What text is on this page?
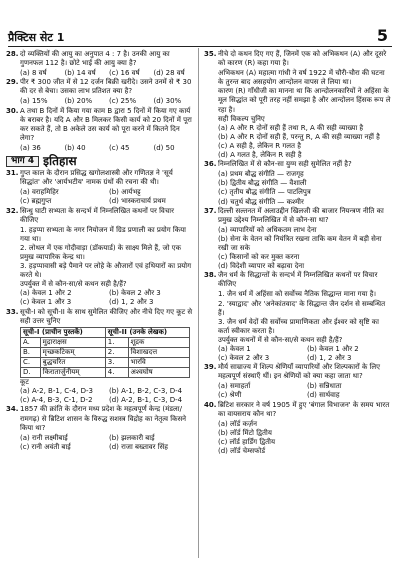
प्रैक्टिस सेट 1	5
28. दो व्यक्तियों की आयु का अनुपात 4 : 7 है। उनकी आयु का गुणनफल 112 है। छोटे भाई की आयु क्या है?
(a) 8 वर्ष	(b) 14 वर्ष	(c) 16 वर्ष	(d) 28 वर्ष
29. पीर ₹ 300 जीत में से 12 दर्जन बिक्री खरीदे। उसने उनमें से ₹ 30 की दर से बेचा। उसका लाभ प्रतिशत क्या है?
(a) 15%	(b) 20%	(c) 25%	(d) 30%
30. A तथा B दिनों में किया गया काम B द्वारा 5 दिनों में किया गए कार्य के बराबर है। यदि A और B मिलकर किसी कार्य को 20 दिनों में पूरा कर सकते हैं, तो B अकेले उस कार्य को पूरा करने में कितने दिन लेगा?
(a) 36	(b) 40	(c) 45	(d) 50
भाग 4 इतिहास
31. गुप्त काल के दौरान प्रसिद्ध खगोलशास्त्री और गणितज्ञ ने 'सूर्य सिद्धांत' और 'आर्यभटीय' नामक ग्रंथों की रचना की थी।
(a) वराहमिहिर	(b) आर्यभट्ट
(c) ब्रह्मगुप्त	(d) भास्कराचार्य प्रथम
32. सिन्धु घाटी सभ्यता के सन्दर्भ में निम्नलिखित कथनों पर विचार कीजिए
1. हड़प्पा सभ्यता के नगर नियोजन में ग्रिड प्रणाली का प्रयोग किया गया था।
2. लोथल में एक गोदीवाड़ा (डॉकयार्ड) के साक्ष्य मिले हैं, जो एक प्रमुख व्यापारिक केन्द्र था।
3. हड़प्पावासी बड़े पैमाने पर लोहे के औजारों एवं हथियारों का प्रयोग करते थे।
उपर्युक्त में से कौन-सा/से कथन सही है/हैं?
(a) केवल 1 और 2	(b) केवल 2 और 3
(c) केवल 1 और 3	(d) 1, 2 और 3
33. सूची-I को सूची-II के साथ सुमेलित कीजिए और नीचे दिए गए कूट से सही उत्तर चुनिए
सूची-I (प्राचीन पुस्तकें)		सूची-II (उनके लेखक)	
A.	मुद्राराक्षस	1.	शूद्रक
B.	मृच्छकटिकम्	2.	विशाखदत्त
C.	बुद्धचरित	3.	भारवि
D.	किरातार्जुनीयम्	4.	अश्वघोष
कूट
(a) A-2, B-1, C-4, D-3	(b) A-1, B-2, C-3, D-4
(c) A-4, B-3, C-1, D-2	(d) A-2, B-1, C-3, D-4
34. 1857 की क्रांति के दौरान मध्य प्रदेश के महत्वपूर्ण केन्द्र (मंडला/रामगढ़) से ब्रिटिश शासन के विरुद्ध सशस्त्र विद्रोह का नेतृत्व किसने किया था?
(a) रानी लक्ष्मीबाई	(b) झलकारी बाई
(c) रानी अवंती बाई	(d) राजा बख्तावर सिंह
35. नीचे दो कथन दिए गए हैं, जिनमें एक को अभिकथन (A) और दूसरे को कारण (R) कहा गया है।
अभिकथन (A) महात्मा गांधी ने वर्ष 1922 में चौरी-चौरा की घटना के तुरन्त बाद असहयोग आन्दोलन वापस ले लिया था।
कारण (R) गाँधीजी का मानना था कि आन्दोलनकारियों ने अहिंसा के मूल सिद्धांत को पूरी तरह नहीं समझा है और आन्दोलन हिंसक रूप ले रहा है।
सही विकल्प चुनिए
(a) A और R दोनों सही हैं तथा R, A की सही व्याख्या है
(b) A और R दोनों सही हैं, परन्तु R, A की सही व्याख्या नहीं है
(c) A सही है, लेकिन R गलत है
(d) A गलत है, लेकिन R सही है
36. निम्नलिखित में से कौन-सा युग्म सही सुमेलित नहीं है?
(a) प्रथम बौद्ध संगीति — राजगृह
(b) द्वितीय बौद्ध संगीति — वैशाली
(c) तृतीय बौद्ध संगीति — पाटलिपुत्र
(d) चतुर्थ बौद्ध संगीति — कश्मीर
37. दिल्ली सल्तनत में अलाउद्दीन खिलजी की बाजार नियन्त्रण नीति का प्रमुख उद्देश्य निम्नलिखित में से कौन-सा था?
(a) व्यापारियों को अधिकतम लाभ देना
(b) सेना के वेतन को नियंत्रित रखना ताकि कम वेतन में बड़ी सेना रखी जा सके
(c) किसानों को कर मुक्त करना
(d) विदेशी व्यापार को बढ़ावा देना
38. जैन धर्म के सिद्धान्तों के सन्दर्भ में निम्नलिखित कथनों पर विचार कीजिए
1. जैन धर्म में अहिंसा को सर्वोच्च नैतिक सिद्धान्त माना गया है।
2. 'स्याद्वाद' और 'अनेकांतवाद' के सिद्धान्त जैन दर्शन से सम्बन्धित हैं।
3. जैन धर्म वेदों की सर्वोच्च प्रामाणिकता और ईश्वर को सृष्टि का कर्ता स्वीकार करता है।
उपर्युक्त कथनों में से कौन-सा/से कथन सही है/हैं?
(a) केवल 1	(b) केवल 1 और 2
(c) केवल 2 और 3	(d) 1, 2 और 3
39. मौर्य साम्राज्य में शिल्प श्रेणियाँ व्यापारियों और शिल्पकारों के लिए महत्वपूर्ण संस्थाएँ थीं। इन श्रेणियों को क्या कहा जाता था?
(a) समाहर्ता	(b) सन्निधाता
(c) श्रेणी	(d) सार्थवाह
40. ब्रिटिश सरकार ने वर्ष 1905 में हुए 'बंगाल विभाजन' के समय भारत का वायसराय कौन था?
(a) लॉर्ड कर्ज़न
(b) लॉर्ड मिंटो द्वितीय
(c) लॉर्ड हार्डिंग द्वितीय
(d) लॉर्ड चेम्सफोर्ड
